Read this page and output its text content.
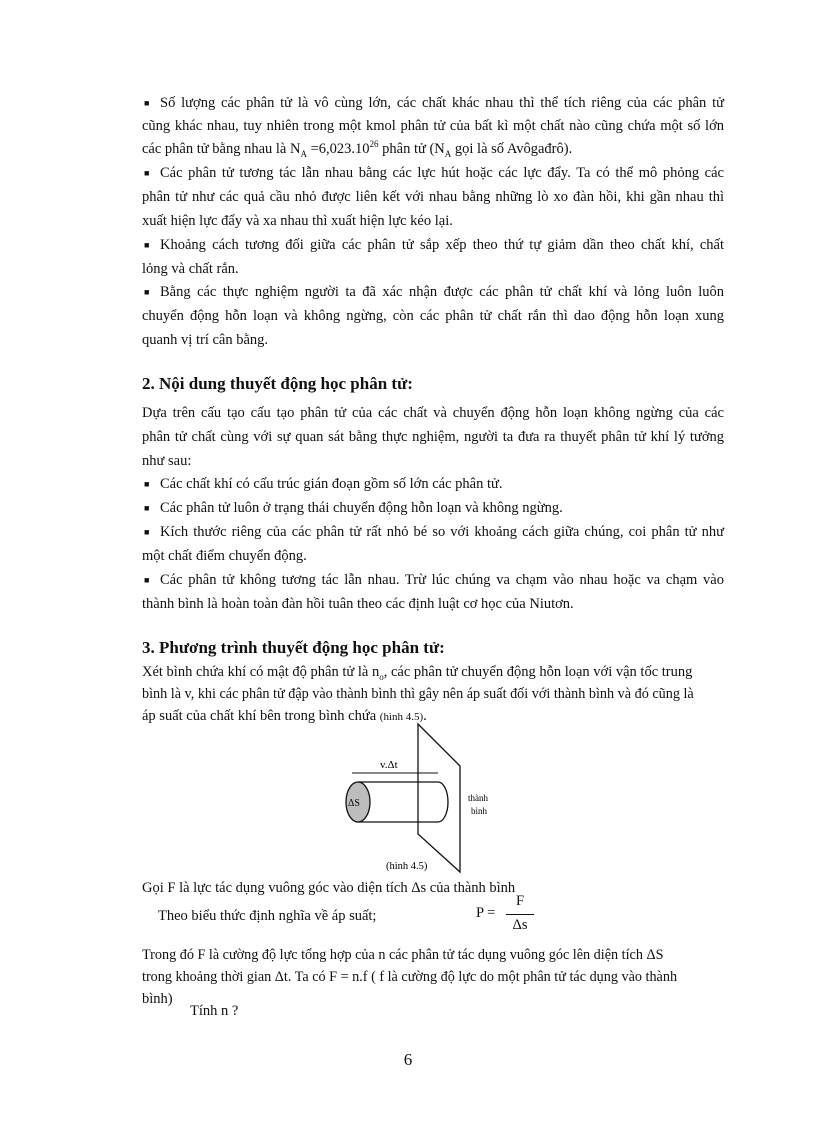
■ Số lượng các phân tử là vô cùng lớn, các chất khác nhau thì thể tích riêng của các phân tử
cũng khác nhau, tuy nhiên trong một kmol phân tử của bất kì một chất nào cũng chứa một số lớn
các phân tử bằng nhau là $N_A =6,023.10^{26}$ phân tử ($N_A$ gọi là số Avôgađrô).
■ Các phân tử tương tác lẫn nhau bằng các lực hút hoặc các lực đẩy. Ta có thể mô phỏng các
phân tử như các quả cầu nhỏ được liên kết với nhau bằng những lò xo đàn hồi, khi gần nhau thì
xuất hiện lực đẩy và xa nhau thì xuất hiện lực kéo lại.
■ Khoảng cách tương đối giữa các phân tử sắp xếp theo thứ tự giảm dần theo chất khí, chất
lỏng và chất rắn.
■ Bằng các thực nghiệm người ta đã xác nhận được các phân tử chất khí và lỏng luôn luôn
chuyển động hỗn loạn và không ngừng, còn các phân tử chất rắn thì dao động hỗn loạn xung
quanh vị trí cân bằng.
2. Nội dung thuyết động học phân tử:
Dựa trên cấu tạo cấu tạo phân tử của các chất và chuyển động hỗn loạn không ngừng của các
phân tử chất cùng với sự quan sát bằng thực nghiệm, người ta đưa ra thuyết phân tử khí lý tưởng
như sau:
■ Các chất khí có cấu trúc gián đoạn gồm số lớn các phân tử.
■ Các phân tử luôn ở trạng thái chuyển động hỗn loạn và không ngừng.
■ Kích thước riêng của các phân tử rất nhỏ bé so với khoảng cách giữa chúng, coi phân tử như
một chất điểm chuyển động.
■ Các phân tử không tương tác lẫn nhau. Trừ lúc chúng va chạm vào nhau hoặc va chạm vào
thành bình là hoàn toàn đàn hồi tuân theo các định luật cơ học của Niutơn.
3. Phương trình thuyết động học phân tử:
Xét bình chứa khí có mật độ phân tử là $n_o$, các phân tử chuyển động hỗn loạn với vận tốc trung
bình là v, khi các phân tử đập vào thành bình thì gây nên áp suất đối với thành bình và đó cũng là
áp suất của chất khí bên trong bình chứa (hình 4.5).
v.Δt
ΔS	thành
bình
(hình 4.5)
Gọi F là lực tác dụng vuông góc vào diện tích Δs của thành bình
Theo biểu thức định nghĩa về áp suất;	P =
F
Δs
Trong đó F là cường độ lực tổng hợp của n các phân tử tác dụng vuông góc lên diện tích ΔS
trong khoảng thời gian Δt. Ta có F = n.f ( f là cường độ lực do một phân tử tác dụng vào thành
bình)
Tính n ?
6
